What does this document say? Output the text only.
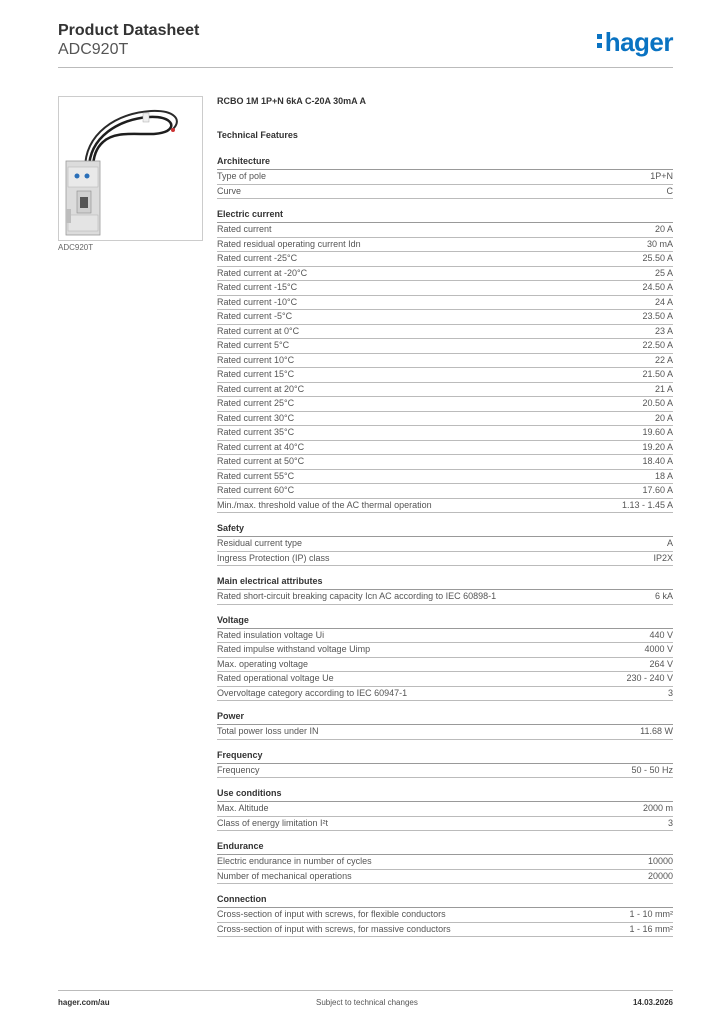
Product Datasheet
ADC920T	hager
ADC920T
RCBO 1M 1P+N 6kA C-20A 30mA A
Technical Features
Architecture
Type of pole	1P+N
Curve	C
Electric current
Rated current	20 A
Rated residual operating current Idn	30 mA
Rated current -25°C	25.50 A
Rated current at -20°C	25 A
Rated current -15°C	24.50 A
Rated current -10°C	24 A
Rated current -5°C	23.50 A
Rated current at 0°C	23 A
Rated current 5°C	22.50 A
Rated current 10°C	22 A
Rated current 15°C	21.50 A
Rated current at 20°C	21 A
Rated current 25°C	20.50 A
Rated current 30°C	20 A
Rated current 35°C	19.60 A
Rated current at 40°C	19.20 A
Rated current at 50°C	18.40 A
Rated current 55°C	18 A
Rated current 60°C	17.60 A
Min./max. threshold value of the AC thermal operation	1.13 - 1.45 A
Safety
Residual current type	A
Ingress Protection (IP) class	IP2X
Main electrical attributes
Rated short-circuit breaking capacity Icn AC according to IEC 60898-1	6 kA
Voltage
Rated insulation voltage Ui	440 V
Rated impulse withstand voltage Uimp	4000 V
Max. operating voltage	264 V
Rated operational voltage Ue	230 - 240 V
Overvoltage category according to IEC 60947-1	3
Power
Total power loss under IN	11.68 W
Frequency
Frequency	50 - 50 Hz
Use conditions
Max. Altitude	2000 m
Class of energy limitation I²t	3
Endurance
Electric endurance in number of cycles	10000
Number of mechanical operations	20000
Connection
Cross-section of input with screws, for flexible conductors	1 - 10 mm²
Cross-section of input with screws, for massive conductors	1 - 16 mm²
hager.com/au	Subject to technical changes	14.03.2026
